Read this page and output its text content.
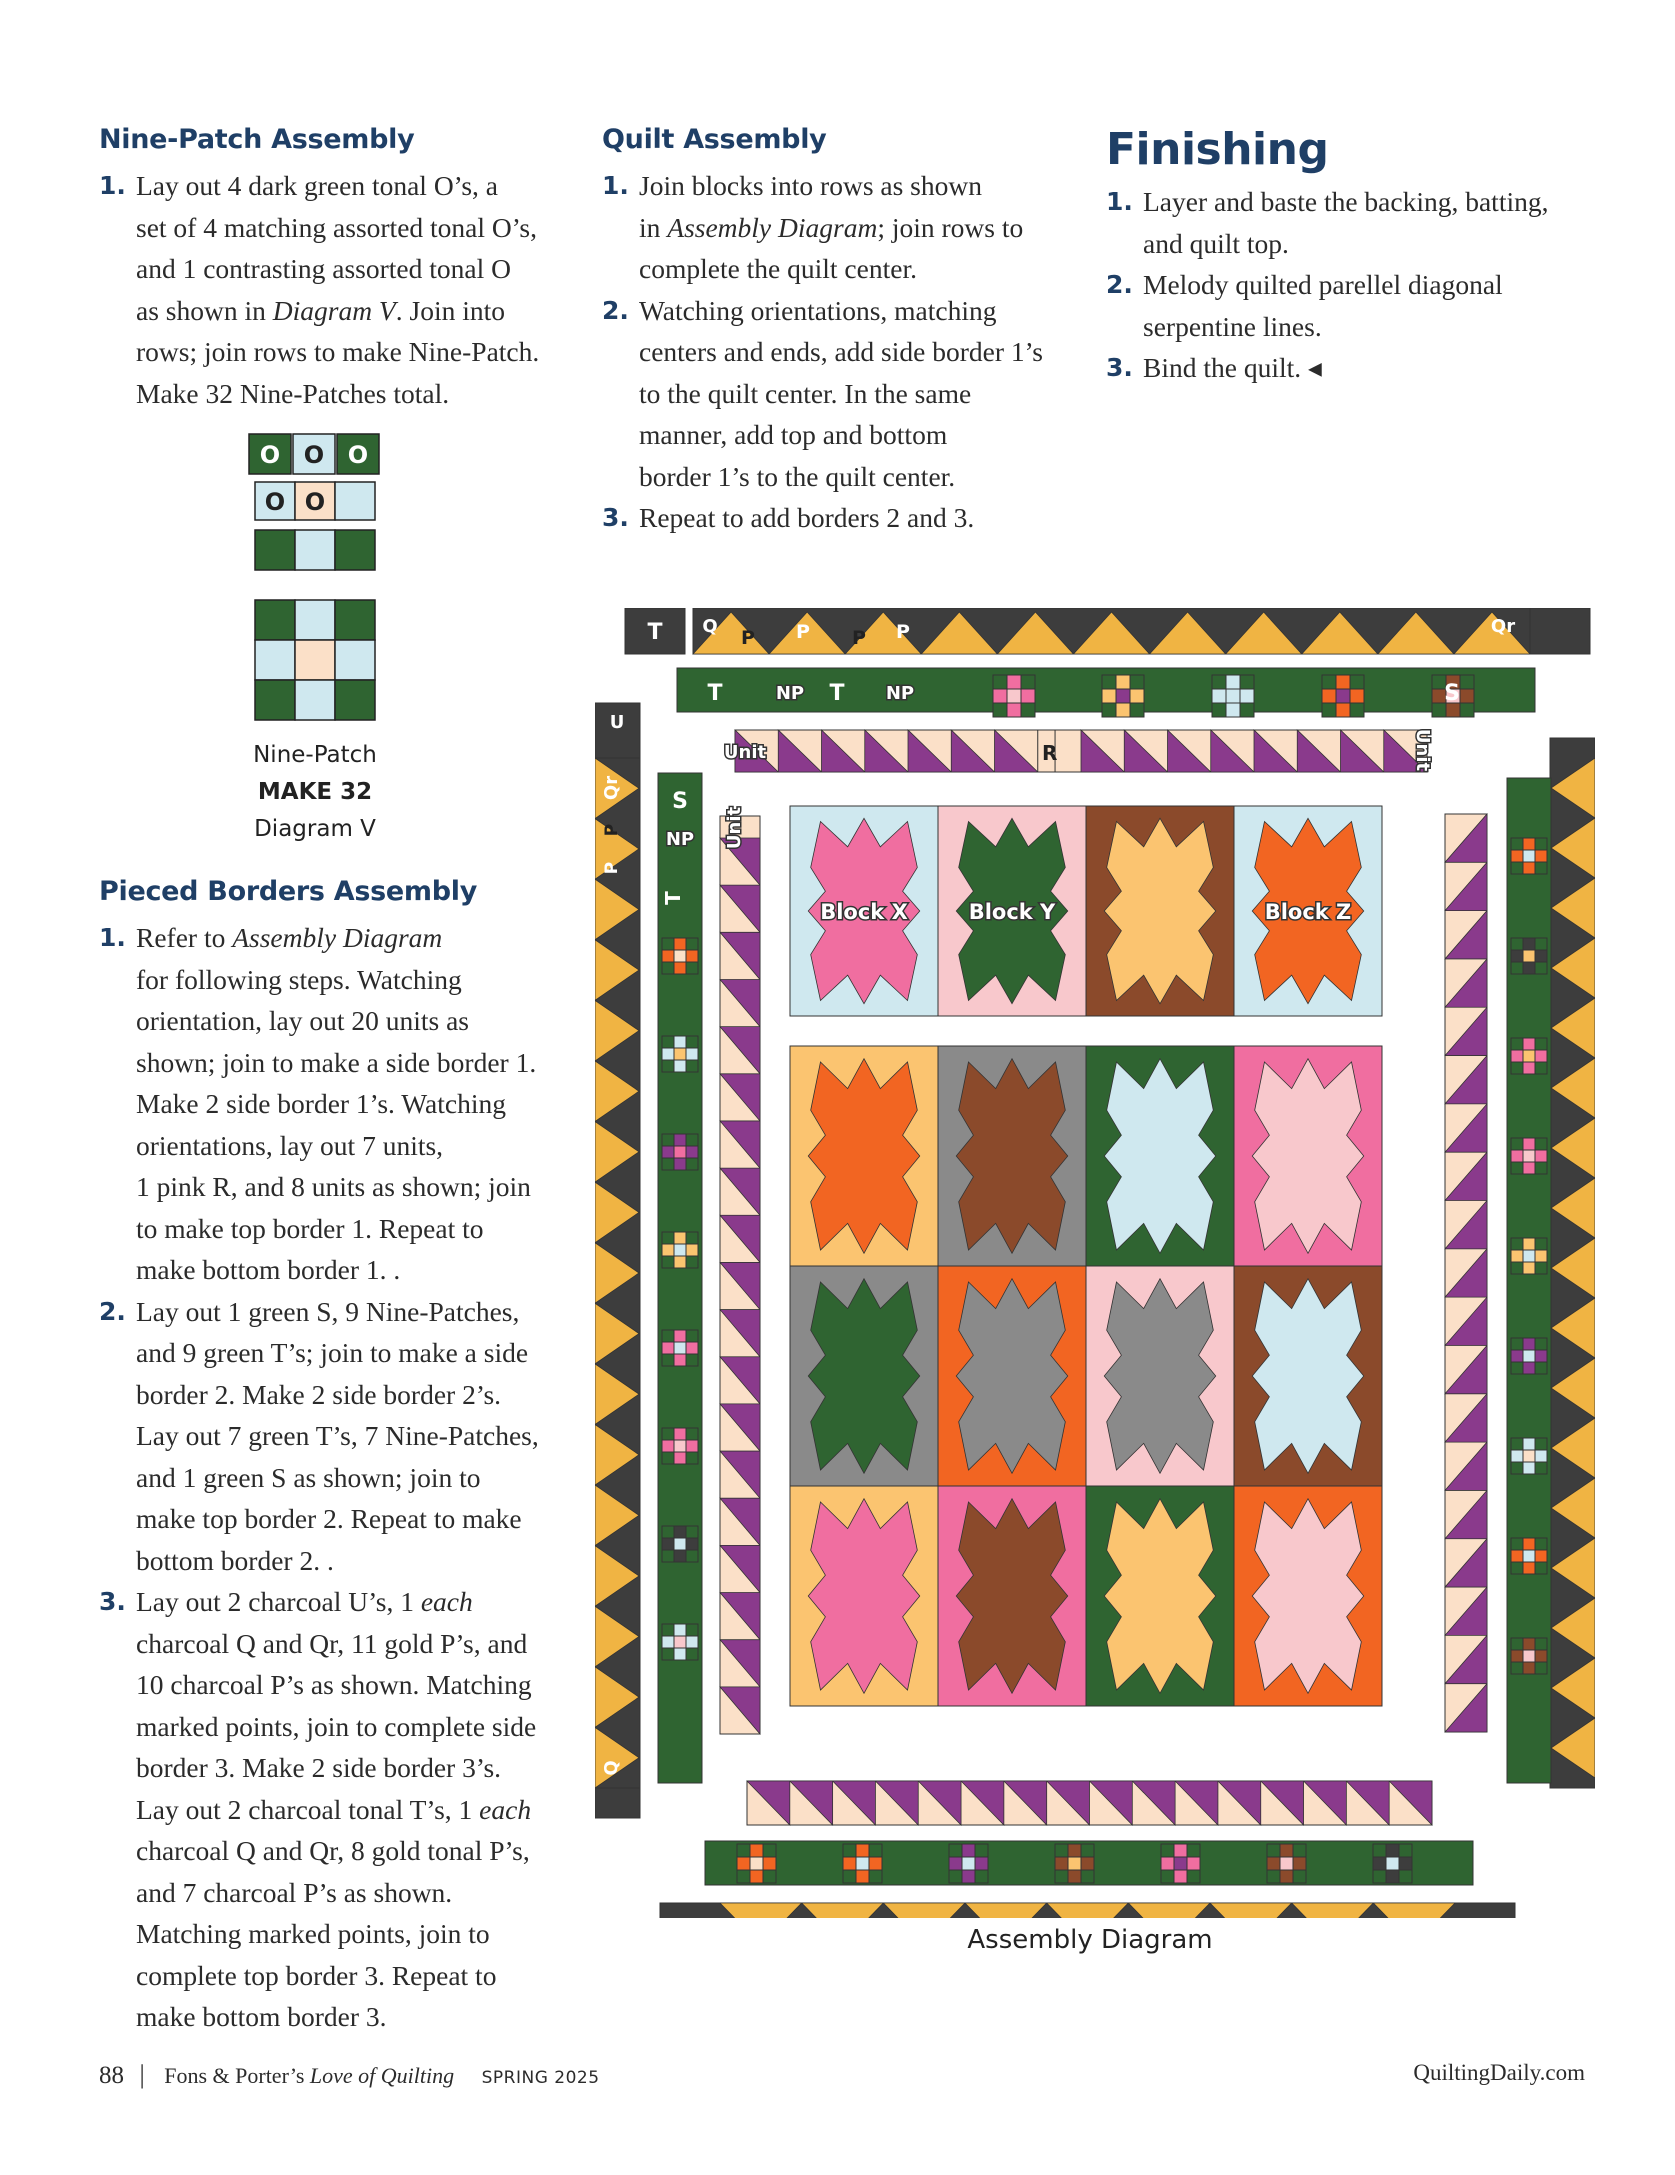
Nine-Patch Assembly
1. Lay out 4 dark green tonal O’s, a
set of 4 matching assorted tonal O’s,
and 1 contrasting assorted tonal O
as shown in Diagram V. Join into
rows; join rows to make Nine-Patch.
Make 32 Nine-Patches total.
O O O
O O
Nine-Patch
MAKE 32
Diagram V
Pieced Borders Assembly
1. Refer to Assembly Diagram
for following steps. Watching
orientation, lay out 20 units as
shown; join to make a side border 1.
Make 2 side border 1’s. Watching
orientations, lay out 7 units,
1 pink R, and 8 units as shown; join
to make top border 1. Repeat to
make bottom border 1. .
2. Lay out 1 green S, 9 Nine-Patches,
and 9 green T’s; join to make a side
border 2. Make 2 side border 2’s.
Lay out 7 green T’s, 7 Nine-Patches,
and 1 green S as shown; join to
make top border 2. Repeat to make
bottom border 2. .
3. Lay out 2 charcoal U’s, 1 each
charcoal Q and Qr, 11 gold P’s, and
10 charcoal P’s as shown. Matching
marked points, join to complete side
border 3. Make 2 side border 3’s.
Lay out 2 charcoal tonal T’s, 1 each
charcoal Q and Qr, 8 gold tonal P’s,
and 7 charcoal P’s as shown.
Matching marked points, join to
complete top border 3. Repeat to
make bottom border 3.
Quilt Assembly
1. Join blocks into rows as shown
in Assembly Diagram; join rows to
complete the quilt center.
2. Watching orientations, matching
centers and ends, add side border 1’s
to the quilt center. In the same
manner, add top and bottom
border 1’s to the quilt center.
3. Repeat to add borders 2 and 3.
Finishing
1. Layer and baste the backing, batting,
and quilt top.
2. Melody quilted parellel diagonal
serpentine lines.
3. Bind the quilt. ◂
T Q
P P P P	Qr
T	NP T NP	S
R
Unit	Unit
U
Qr
P
P
Q
S
NP
T
Unit
Block X	Block Y	Block Z
Assembly Diagram
88 | Fons & Porter’s Love of Quilting SPRING 2025	QuiltingDaily.com
